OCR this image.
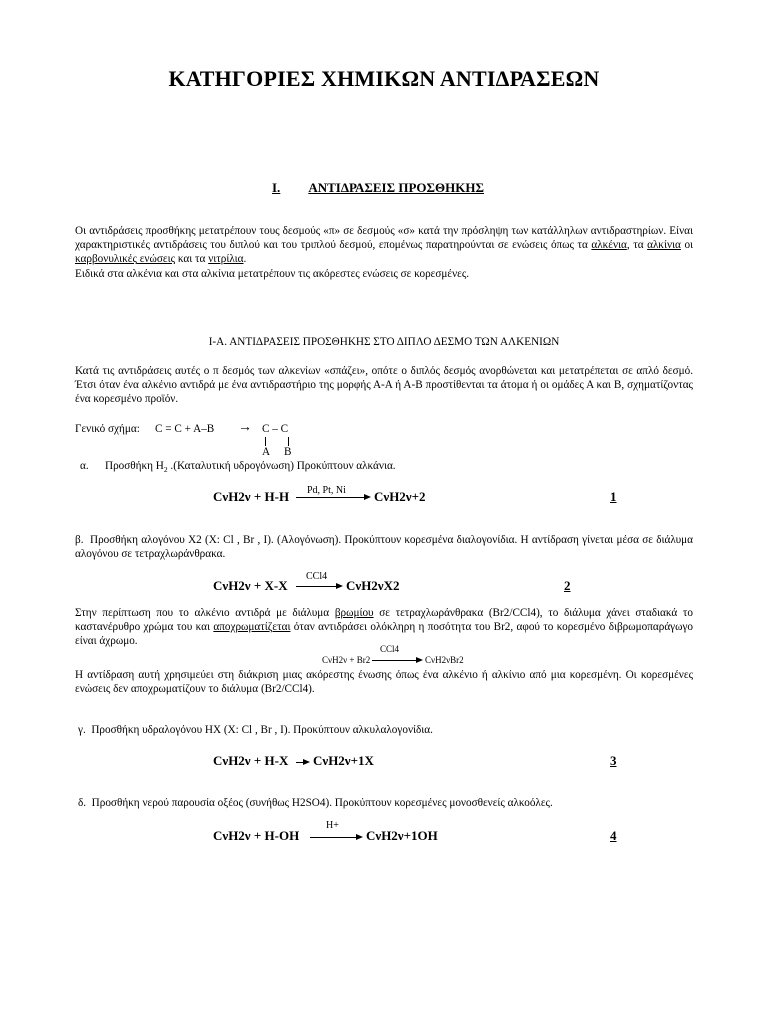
ΚΑΤΗΓΟΡΙΕΣ ΧΗΜΙΚΩΝ ΑΝΤΙΔΡΑΣΕΩΝ
I. ΑΝΤΙΔΡΑΣΕΙΣ ΠΡΟΣΘΗΚΗΣ
Οι αντιδράσεις προσθήκης μετατρέπουν τους δεσμούς «π» σε δεσμούς «σ» κατά την πρόσληψη των κατάλληλων αντιδραστηρίων. Είναι χαρακτηριστικές αντιδράσεις του διπλού και του τριπλού δεσμού, επομένως παρατηρούνται σε ενώσεις όπως τα αλκένια, τα αλκίνια οι καρβονυλικές ενώσεις και τα νιτρίλια.
Ειδικά στα αλκένια και στα αλκίνια μετατρέπουν τις ακόρεστες ενώσεις σε κορεσμένες.
Ι-Α. ΑΝΤΙΔΡΑΣΕΙΣ ΠΡΟΣΘΗΚΗΣ ΣΤΟ ΔΙΠΛΟ ΔΕΣΜΟ ΤΩΝ ΑΛΚΕΝΙΩΝ
Κατά τις αντιδράσεις αυτές ο π δεσμός των αλκενίων «σπάζει», οπότε ο διπλός δεσμός ανορθώνεται και μετατρέπεται σε απλό δεσμό. Έτσι όταν ένα αλκένιο αντιδρά με ένα αντιδραστήριο της μορφής Α-Α ή Α-Β προστίθενται τα άτομα ή οι ομάδες Α και Β, σχηματίζοντας ένα κορεσμένο προϊόν.
Γενικό σχήμα: C = C + A–B → C – C
A B
α. Προσθήκη $H_2$ .(Καταλυτική υδρογόνωση) Προκύπτουν αλκάνια.
CνH2ν + H-H Pd, Pt, Ni CνH2ν+2	1
β. Προσθήκη αλογόνου X2 (X: Cl , Br , I). (Αλογόνωση). Προκύπτουν κορεσμένα διαλογονίδια. Η αντίδραση γίνεται μέσα σε διάλυμα αλογόνου σε τετραχλωράνθρακα.
CνH2ν + X-X
CCl4
CνH2νX2	2
Στην περίπτωση που το αλκένιο αντιδρά με διάλυμα βρωμίου σε τετραχλωράνθρακα (Br2/CCl4), το διάλυμα χάνει σταδιακά το καστανέρυθρο χρώμα του και αποχρωματίζεται όταν αντιδράσει ολόκληρη η ποσότητα του Br2, αφού το κορεσμένο διβρωμοπαράγωγο είναι άχρωμο.
CνH2ν + Br2
CCl4
CνH2νBr2
Η αντίδραση αυτή χρησιμεύει στη διάκριση μιας ακόρεστης ένωσης όπως ένα αλκένιο ή αλκίνιο από μια κορεσμένη. Οι κορεσμένες ενώσεις δεν αποχρωματίζουν το διάλυμα (Br2/CCl4).
γ. Προσθήκη υδραλογόνου HX (X: Cl , Br , I). Προκύπτουν αλκυλαλογονίδια.
CνH2ν + H-X CνH2ν+1X	3
δ. Προσθήκη νερού παρουσία οξέος (συνήθως H2SO4). Προκύπτουν κορεσμένες μονοσθενείς αλκοόλες.
CνH2ν + H-OH
H+
CνH2ν+1OH	4
